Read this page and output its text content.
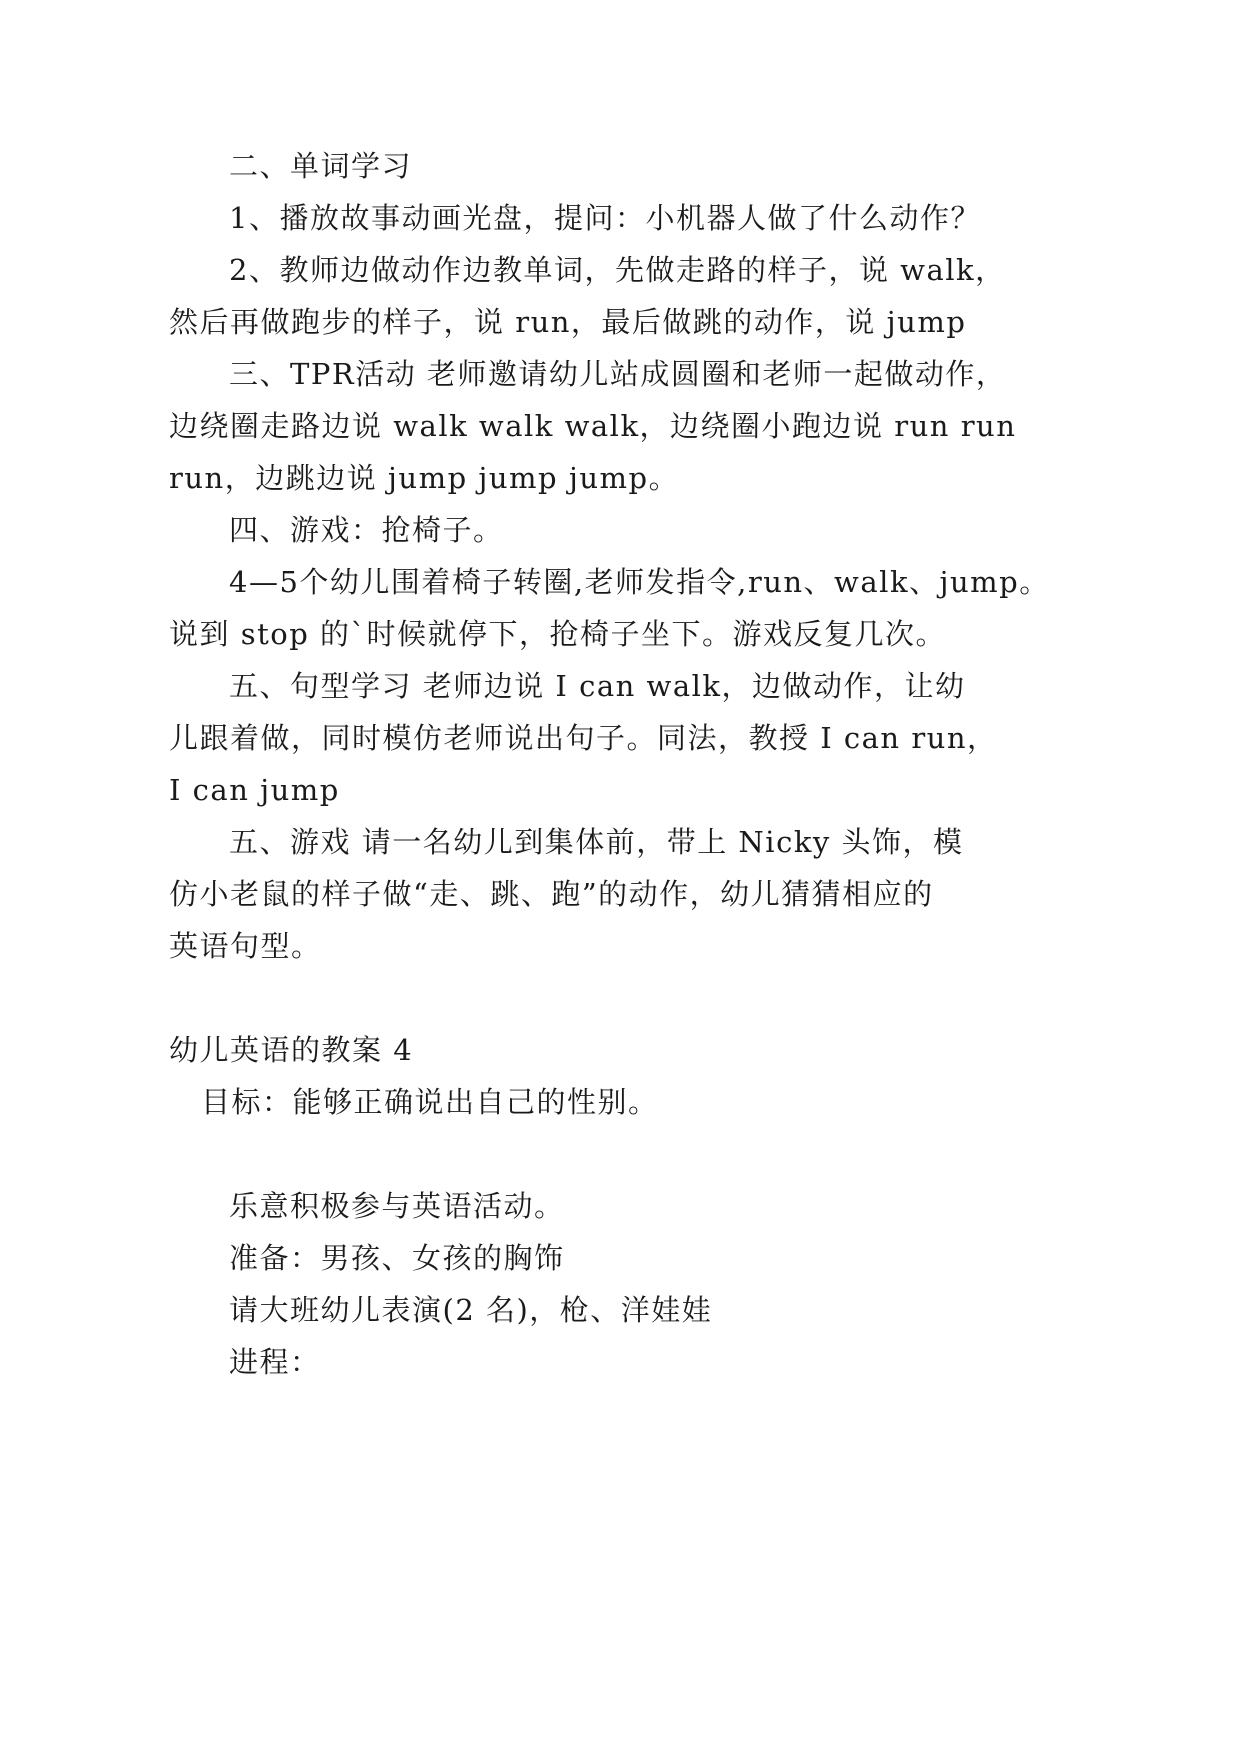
二、单词学习
1、播放故事动画光盘，提问：小机器人做了什么动作？
2、教师边做动作边教单词，先做走路的样子，说 walk，
然后再做跑步的样子，说 run，最后做跳的动作，说 jump
三、TPR活动 老师邀请幼儿站成圆圈和老师一起做动作，
边绕圈走路边说 walk walk walk，边绕圈小跑边说 run run
run，边跳边说 jump jump jump。
四、游戏：抢椅子。
4—5个幼儿围着椅子转圈,老师发指令,run、walk、jump。
说到 stop 的`时候就停下，抢椅子坐下。游戏反复几次。
五、句型学习 老师边说 I can walk，边做动作，让幼
儿跟着做，同时模仿老师说出句子。同法，教授 I can run，
I can jump
五、游戏 请一名幼儿到集体前，带上 Nicky 头饰，模
仿小老鼠的样子做“走、跳、跑”的动作，幼儿猜猜相应的
英语句型。
幼儿英语的教案 4
目标：能够正确说出自己的性别。
乐意积极参与英语活动。
准备：男孩、女孩的胸饰
请大班幼儿表演(2 名)，枪、洋娃娃
进程：
